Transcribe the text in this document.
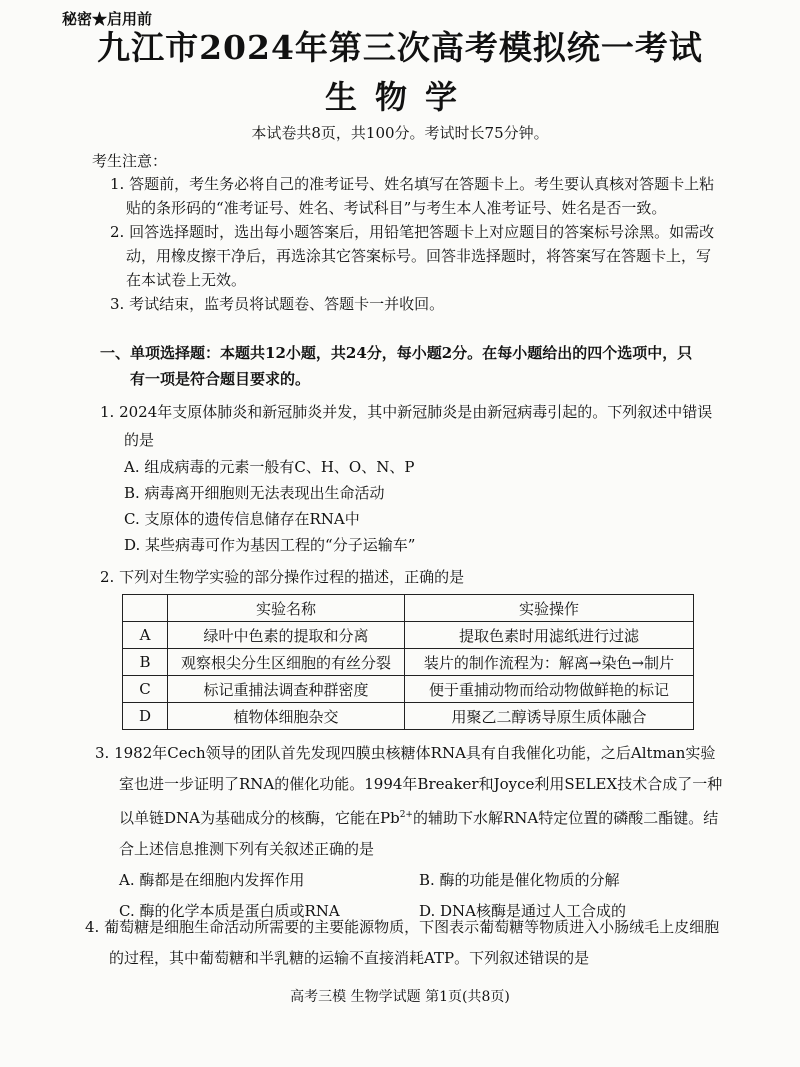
秘密★启用前
九江市2024年第三次高考模拟统一考试
生物学
本试卷共8页，共100分。考试时长75分钟。
考生注意：

1. 答题前，考生务必将自己的准考证号、姓名填写在答题卡上。考生要认真核对答题卡上粘贴的条形码的“准考证号、姓名、考试科目”与考生本人准考证号、姓名是否一致。

2. 回答选择题时，选出每小题答案后，用铅笔把答题卡上对应题目的答案标号涂黑。如需改动，用橡皮擦干净后，再选涂其它答案标号。回答非选择题时，将答案写在答题卡上，写在本试卷上无效。

3. 考试结束，监考员将试题卷、答题卡一并收回。

一、单项选择题：本题共12小题，共24分，每小题2分。在每小题给出的四个选项中，只
有一项是符合题目要求的。
1. 2024年支原体肺炎和新冠肺炎并发，其中新冠肺炎是由新冠病毒引起的。下列叙述中错误的是
A. 组成病毒的元素一般有C、H、O、N、P
B. 病毒离开细胞则无法表现出生命活动
C. 支原体的遗传信息储存在RNA中
D. 某些病毒可作为基因工程的“分子运输车”
2. 下列对生物学实验的部分操作过程的描述，正确的是
	实验名称	实验操作
A	绿叶中色素的提取和分离	提取色素时用滤纸进行过滤
B	观察根尖分生区细胞的有丝分裂	装片的制作流程为：解离→染色→制片
C	标记重捕法调查种群密度	便于重捕动物而给动物做鲜艳的标记
D	植物体细胞杂交	用聚乙二醇诱导原生质体融合
3. 1982年Cech领导的团队首先发现四膜虫核糖体RNA具有自我催化功能，之后Altman实验室也进一步证明了RNA的催化功能。1994年Breaker和Joyce利用SELEX技术合成了一种以单链DNA为基础成分的核酶，它能在$Pb^{2+}$的辅助下水解RNA特定位置的磷酸二酯键。结合上述信息推测下列有关叙述正确的是
A. 酶都是在细胞内发挥作用	B. 酶的功能是催化物质的分解
C. 酶的化学本质是蛋白质或RNA	D. DNA核酶是通过人工合成的
4. 葡萄糖是细胞生命活动所需要的主要能源物质，下图表示葡萄糖等物质进入小肠绒毛上皮细胞的过程，其中葡萄糖和半乳糖的运输不直接消耗ATP。下列叙述错误的是
高考三模 生物学试题 第1页(共8页)
